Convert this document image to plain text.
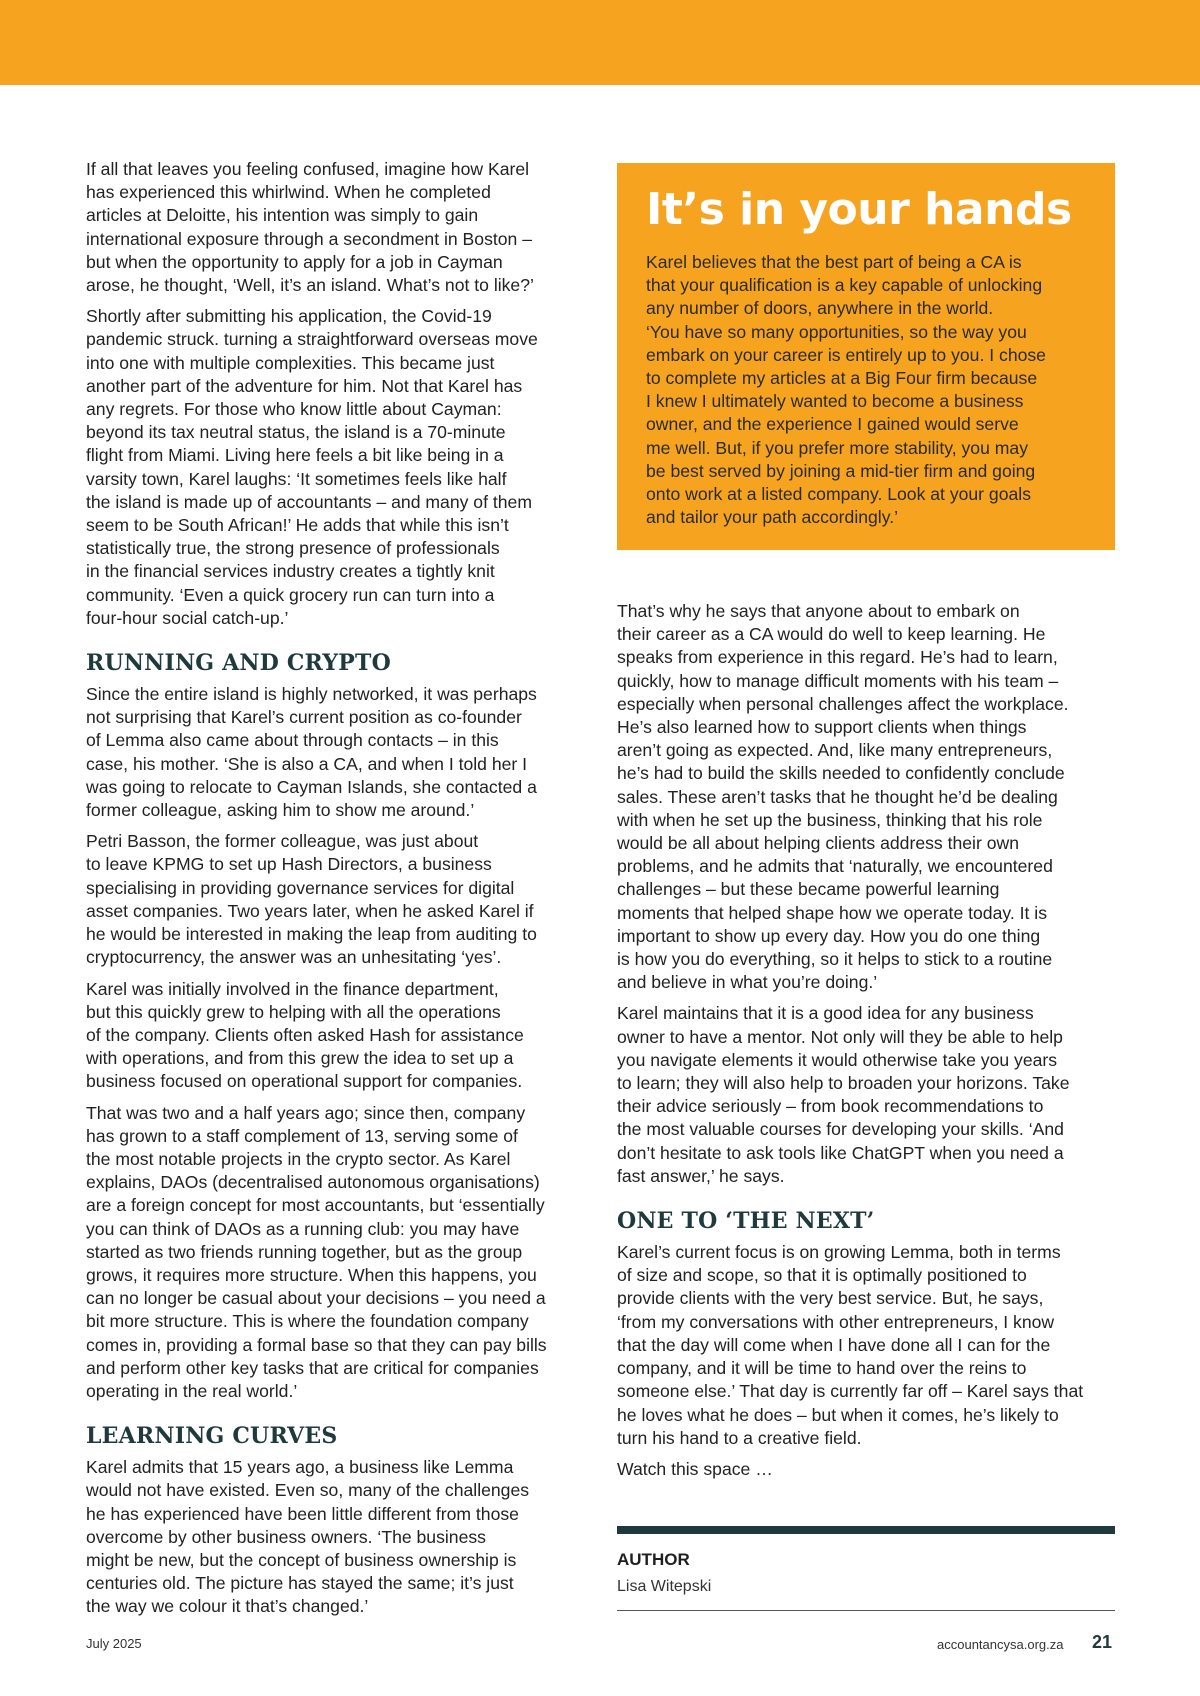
If all that leaves you feeling confused, imagine how Karel
has experienced this whirlwind. When he completed
articles at Deloitte, his intention was simply to gain
international exposure through a secondment in Boston –
but when the opportunity to apply for a job in Cayman
arose, he thought, ‘Well, it’s an island. What’s not to like?’

Shortly after submitting his application, the Covid-19
pandemic struck. turning a straightforward overseas move
into one with multiple complexities. This became just
another part of the adventure for him. Not that Karel has
any regrets. For those who know little about Cayman:
beyond its tax neutral status, the island is a 70-minute
flight from Miami. Living here feels a bit like being in a
varsity town, Karel laughs: ‘It sometimes feels like half
the island is made up of accountants – and many of them
seem to be South African!’ He adds that while this isn’t
statistically true, the strong presence of professionals
in the financial services industry creates a tightly knit
community. ‘Even a quick grocery run can turn into a
four-hour social catch-up.’

RUNNING AND CRYPTO

Since the entire island is highly networked, it was perhaps
not surprising that Karel’s current position as co-founder
of Lemma also came about through contacts – in this
case, his mother. ‘She is also a CA, and when I told her I
was going to relocate to Cayman Islands, she contacted a
former colleague, asking him to show me around.’

Petri Basson, the former colleague, was just about
to leave KPMG to set up Hash Directors, a business
specialising in providing governance services for digital
asset companies. Two years later, when he asked Karel if
he would be interested in making the leap from auditing to
cryptocurrency, the answer was an unhesitating ‘yes’.

Karel was initially involved in the finance department,
but this quickly grew to helping with all the operations
of the company. Clients often asked Hash for assistance
with operations, and from this grew the idea to set up a
business focused on operational support for companies.

That was two and a half years ago; since then, company
has grown to a staff complement of 13, serving some of
the most notable projects in the crypto sector. As Karel
explains, DAOs (decentralised autonomous organisations)
are a foreign concept for most accountants, but ‘essentially
you can think of DAOs as a running club: you may have
started as two friends running together, but as the group
grows, it requires more structure. When this happens, you
can no longer be casual about your decisions – you need a
bit more structure. This is where the foundation company
comes in, providing a formal base so that they can pay bills
and perform other key tasks that are critical for companies
operating in the real world.’

LEARNING CURVES

Karel admits that 15 years ago, a business like Lemma
would not have existed. Even so, many of the challenges
he has experienced have been little different from those
overcome by other business owners. ‘The business
might be new, but the concept of business ownership is
centuries old. The picture has stayed the same; it’s just
the way we colour it that’s changed.’

It’s in your hands

Karel believes that the best part of being a CA is
that your qualification is a key capable of unlocking
any number of doors, anywhere in the world.
‘You have so many opportunities, so the way you
embark on your career is entirely up to you. I chose
to complete my articles at a Big Four firm because
I knew I ultimately wanted to become a business
owner, and the experience I gained would serve
me well. But, if you prefer more stability, you may
be best served by joining a mid-tier firm and going
onto work at a listed company. Look at your goals
and tailor your path accordingly.’

That’s why he says that anyone about to embark on
their career as a CA would do well to keep learning. He
speaks from experience in this regard. He’s had to learn,
quickly, how to manage difficult moments with his team –
especially when personal challenges affect the workplace.
He’s also learned how to support clients when things
aren’t going as expected. And, like many entrepreneurs,
he’s had to build the skills needed to confidently conclude
sales. These aren’t tasks that he thought he’d be dealing
with when he set up the business, thinking that his role
would be all about helping clients address their own
problems, and he admits that ‘naturally, we encountered
challenges – but these became powerful learning
moments that helped shape how we operate today. It is
important to show up every day. How you do one thing
is how you do everything, so it helps to stick to a routine
and believe in what you’re doing.’

Karel maintains that it is a good idea for any business
owner to have a mentor. Not only will they be able to help
you navigate elements it would otherwise take you years
to learn; they will also help to broaden your horizons. Take
their advice seriously – from book recommendations to
the most valuable courses for developing your skills. ‘And
don’t hesitate to ask tools like ChatGPT when you need a
fast answer,’ he says.

ONE TO ‘THE NEXT’

Karel’s current focus is on growing Lemma, both in terms
of size and scope, so that it is optimally positioned to
provide clients with the very best service. But, he says,
‘from my conversations with other entrepreneurs, I know
that the day will come when I have done all I can for the
company, and it will be time to hand over the reins to
someone else.’ That day is currently far off – Karel says that
he loves what he does – but when it comes, he’s likely to
turn his hand to a creative field.

Watch this space …

AUTHOR
Lisa Witepski
July 2025	accountancysa.org.za 21
